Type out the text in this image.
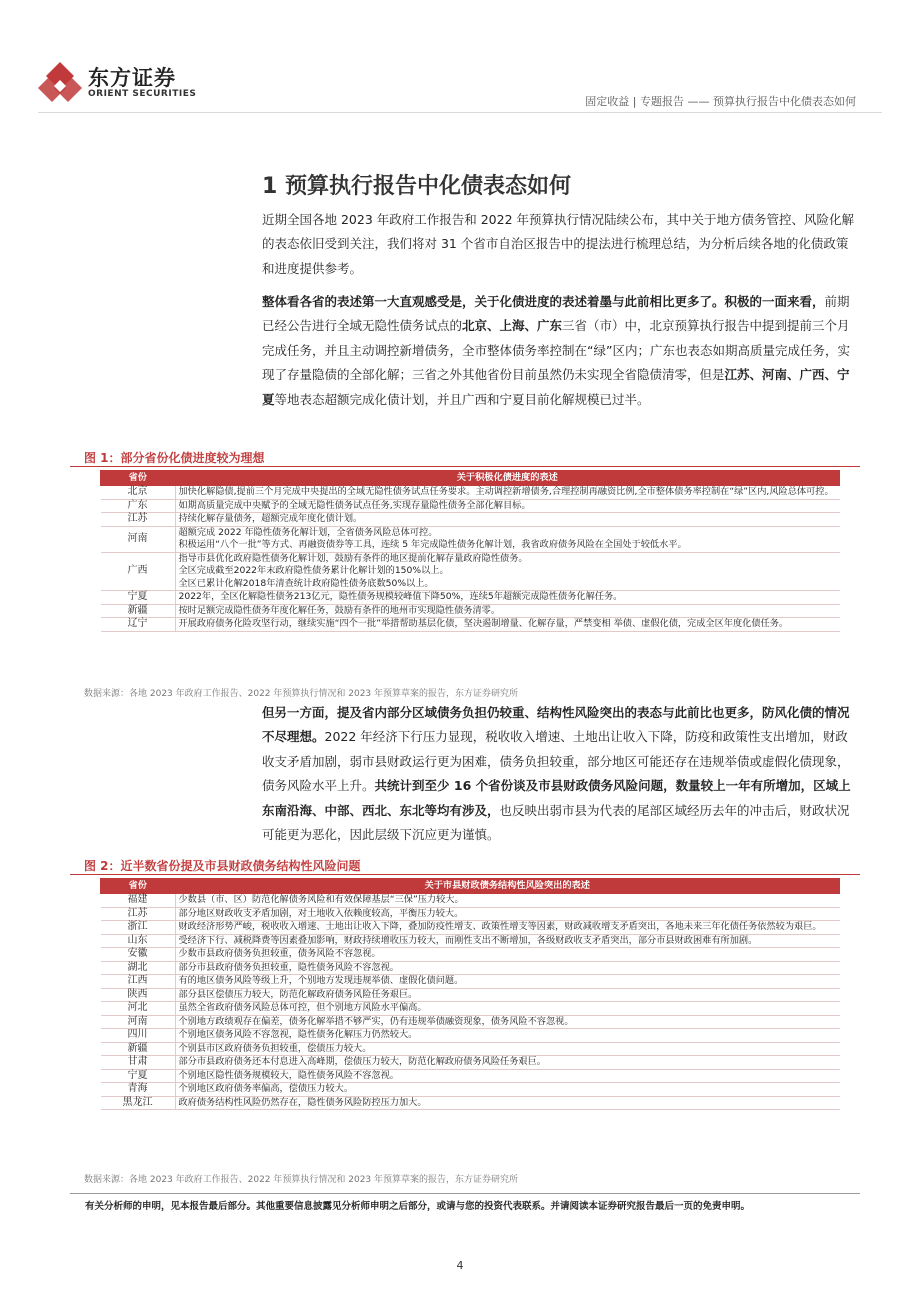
东方证券
ORIENT SECURITIES
固定收益 | 专题报告 —— 预算执行报告中化债表态如何
1 预算执行报告中化债表态如何
近期全国各地 2023 年政府工作报告和 2022 年预算执行情况陆续公布，其中关于地方债务管控、风险化解的表态依旧受到关注，我们将对 31 个省市自治区报告中的提法进行梳理总结，为分析后续各地的化债政策和进度提供参考。
整体看各省的表述第一大直观感受是，关于化债进度的表述着墨与此前相比更多了。积极的一面来看，前期已经公告进行全域无隐性债务试点的北京、上海、广东三省（市）中，北京预算执行报告中提到提前三个月完成任务，并且主动调控新增债务，全市整体债务率控制在“绿”区内；广东也表态如期高质量完成任务，实现了存量隐债的全部化解；三省之外其他省份目前虽然仍未实现全省隐债清零，但是江苏、河南、广西、宁夏等地表态超额完成化债计划，并且广西和宁夏目前化解规模已过半。
图 1：部分省份化债进度较为理想
省份	关于积极化债进度的表述
北京	加快化解隐债,提前三个月完成中央提出的全域无隐性债务试点任务要求。主动调控新增债务,合理控制再融资比例,全市整体债务率控制在“绿”区内,风险总体可控。
广东	如期高质量完成中央赋予的全域无隐性债务试点任务,实现存量隐性债务全部化解目标。
江苏	持续化解存量债务，超额完成年度化债计划。
河南	超额完成 2022 年隐性债务化解计划，全省债务风险总体可控。
积极运用“八个一批”等方式、再融资债券等工具，连续 5 年完成隐性债务化解计划，我省政府债务风险在全国处于较低水平。
广西	指导市县优化政府隐性债务化解计划，鼓励有条件的地区提前化解存量政府隐性债务。
全区完成截至2022年末政府隐性债务累计化解计划的150%以上。
全区已累计化解2018年清查统计政府隐性债务底数50%以上。
宁夏	2022年，全区化解隐性债务213亿元，隐性债务规模较峰值下降50%，连续5年超额完成隐性债务化解任务。
新疆	按时足额完成隐性债务年度化解任务，鼓励有条件的地州市实现隐性债务清零。
辽宁	开展政府债务化险攻坚行动，继续实施“四个一批”举措帮助基层化债，坚决遏制增量、化解存量，严禁变相 举债、虚假化债，完成全区年度化债任务。
数据来源：各地 2023 年政府工作报告、2022 年预算执行情况和 2023 年预算草案的报告，东方证券研究所
但另一方面，提及省内部分区域债务负担仍较重、结构性风险突出的表态与此前比也更多，防风化债的情况不尽理想。2022 年经济下行压力显现，税收收入增速、土地出让收入下降，防疫和政策性支出增加，财政收支矛盾加剧，弱市县财政运行更为困难，债务负担较重，部分地区可能还存在违规举债或虚假化债现象，债务风险水平上升。共统计到至少 16 个省份谈及市县财政债务风险问题，数量较上一年有所增加，区域上东南沿海、中部、西北、东北等均有涉及，也反映出弱市县为代表的尾部区域经历去年的冲击后，财政状况可能更为恶化，因此层级下沉应更为谨慎。
图 2：近半数省份提及市县财政债务结构性风险问题
省份	关于市县财政债务结构性风险突出的表述
福建	少数县（市、区）防范化解债务风险和有效保障基层“三保”压力较大。
江苏	部分地区财政收支矛盾加剧，对土地收入依赖度较高，平衡压力较大。
浙江	财政经济形势严峻，税收收入增速、土地出让收入下降，叠加防疫性增支、政策性增支等因素，财政减收增支矛盾突出，各地未来三年化债任务依然较为艰巨。
山东	受经济下行、减税降费等因素叠加影响，财政持续增收压力较大，而刚性支出不断增加，各级财政收支矛盾突出，部分市县财政困难有所加剧。
安徽	少数市县政府债务负担较重，债务风险不容忽视。
湖北	部分市县政府债务负担较重，隐性债务风险不容忽视。
江西	有的地区债务风险等级上升，个别地方发现违规举债、虚假化债问题。
陕西	部分县区偿债压力较大，防范化解政府债务风险任务艰巨。
河北	虽然全省政府债务风险总体可控，但个别地方风险水平偏高。
河南	个别地方政绩观存在偏差，债务化解举措不够严实，仍有违规举债融资现象，债务风险不容忽视。
四川	个别地区债务风险不容忽视，隐性债务化解压力仍然较大。
新疆	个别县市区政府债务负担较重，偿债压力较大。
甘肃	部分市县政府债务还本付息进入高峰期，偿债压力较大，防范化解政府债务风险任务艰巨。
宁夏	个别地区隐性债务规模较大，隐性债务风险不容忽视。
青海	个别地区政府债务率偏高，偿债压力较大。
黑龙江	政府债务结构性风险仍然存在，隐性债务风险防控压力加大。
数据来源：各地 2023 年政府工作报告、2022 年预算执行情况和 2023 年预算草案的报告，东方证券研究所
有关分析师的申明，见本报告最后部分。其他重要信息披露见分析师申明之后部分，或请与您的投资代表联系。并请阅读本证券研究报告最后一页的免责申明。
4
